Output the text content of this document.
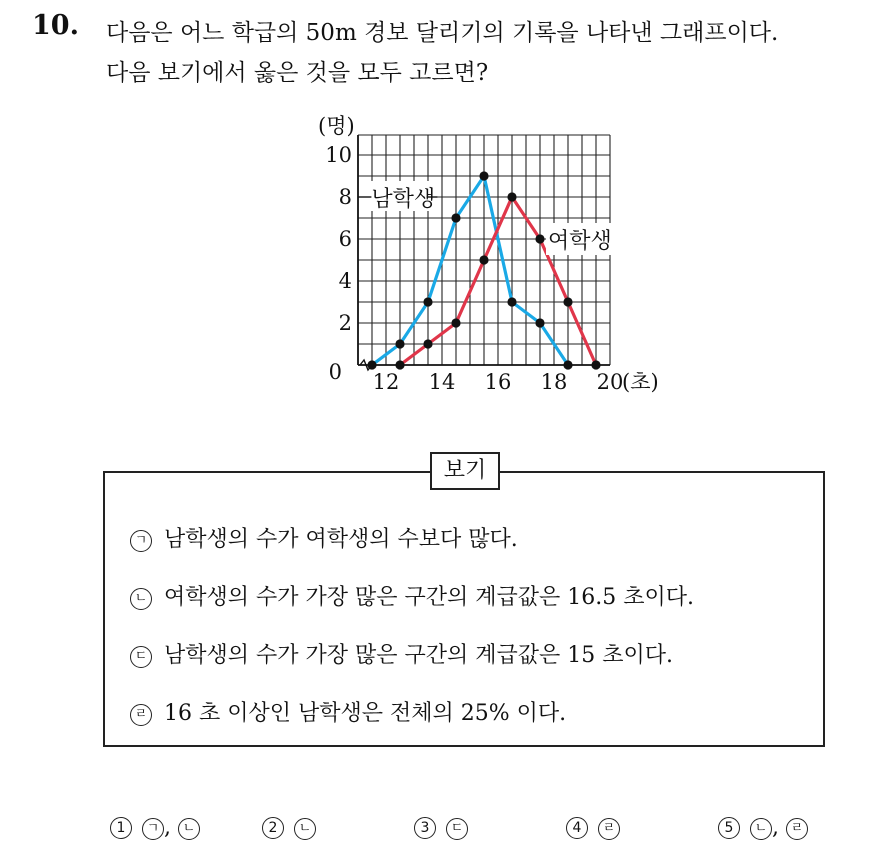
10. 다음은 어느 학급의 50m 경보 달리기의 기록을 나타낸 그래프이다.
다음 보기에서 옳은 것을 모두 고르면?
10
8
6
4
2
0 12 14 16 18 20
(명)
(초)
남학생
여학생
보기
ㄱ 남학생의 수가 여학생의 수보다 많다.
ㄴ 여학생의 수가 가장 많은 구간의 계급값은 16.5 초이다.
ㄷ 남학생의 수가 가장 많은 구간의 계급값은 15 초이다.
ㄹ 16 초 이상인 남학생은 전체의 25% 이다.
1 ㄱ , ㄴ	2 ㄴ	3 ㄷ	4 ㄹ	5 ㄴ , ㄹ
